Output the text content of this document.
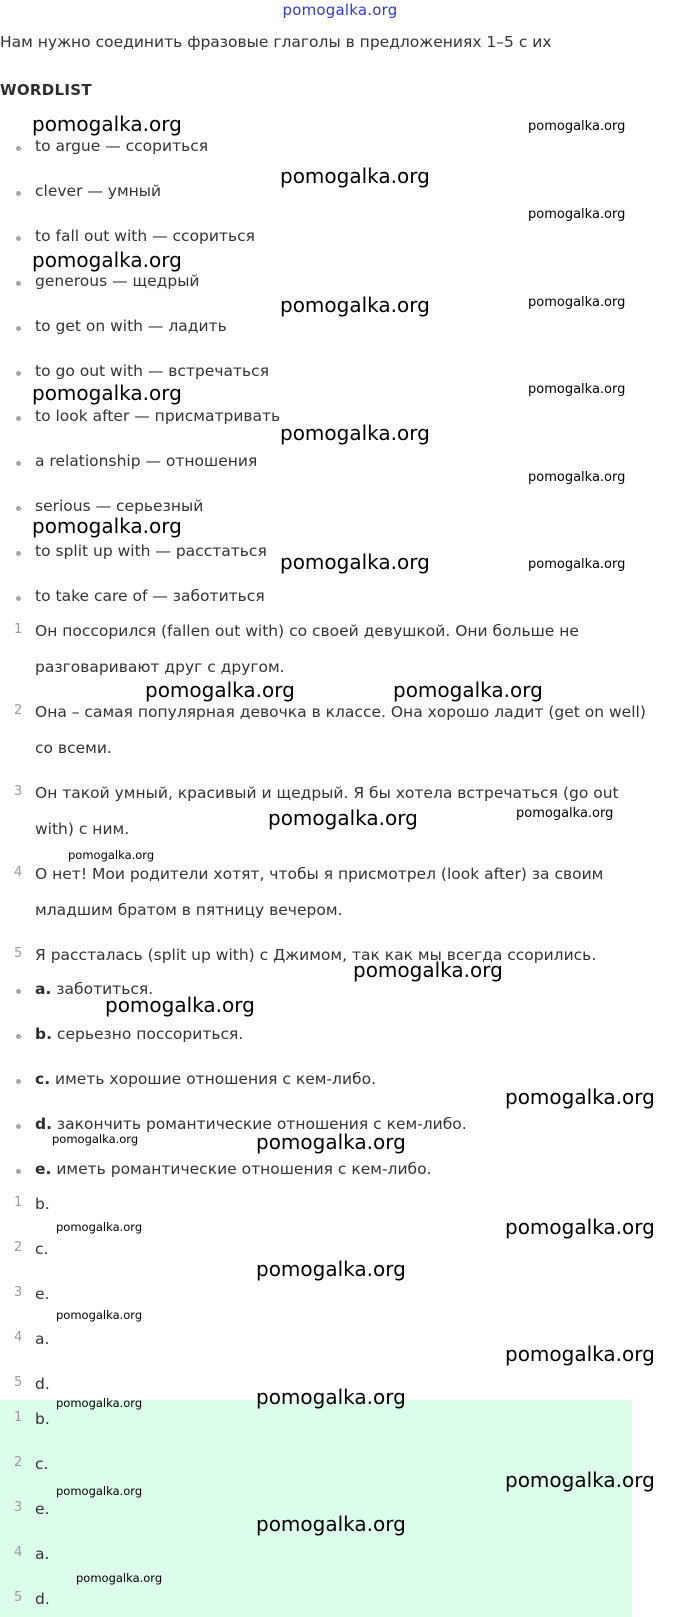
pomogalka.org
Нам нужно соединить фразовые глаголы в предложениях 1–5 с их
WORDLIST
to argue — ссориться
clever — умный
to fall out with — ссориться
generous — щедрый
to get on with — ладить
to go out with — встречаться
to look after — присматривать
a relationship — отношения
serious — серьезный
to split up with — расстаться
to take care of — заботиться
1 Он поссорился (fallen out with) со своей девушкой. Они больше не
разговаривают друг с другом.
2 Она – самая популярная девочка в классе. Она хорошо ладит (get on well)
со всеми.
3 Он такой умный, красивый и щедрый. Я бы хотела встречаться (go out
with) с ним.
4 О нет! Мои родители хотят, чтобы я присмотрел (look after) за своим
младшим братом в пятницу вечером.
5 Я рассталась (split up with) с Джимом, так как мы всегда ссорились.
a. заботиться.
b. серьезно поссориться.
c. иметь хорошие отношения с кем-либо.
d. закончить романтические отношения с кем-либо.
e. иметь романтические отношения с кем-либо.
1 b.
2 c.
3 e.
4 a.
5 d.
1 b.
2 c.
3 e.
4 a.
5 d.
pomogalka.org	pomogalka.org
pomogalka.org
pomogalka.org
pomogalka.org
pomogalka.org	pomogalka.org
pomogalka.org	pomogalka.org
pomogalka.org
pomogalka.org
pomogalka.org
pomogalka.org	pomogalka.org
pomogalka.org	pomogalka.org
pomogalka.org	pomogalka.org
pomogalka.org
pomogalka.org
pomogalka.org
pomogalka.org
pomogalka.org	pomogalka.org
pomogalka.org	pomogalka.org
pomogalka.org
pomogalka.org
pomogalka.org
pomogalka.org
pomogalka.org
pomogalka.org
pomogalka.org
pomogalka.org
pomogalka.org
